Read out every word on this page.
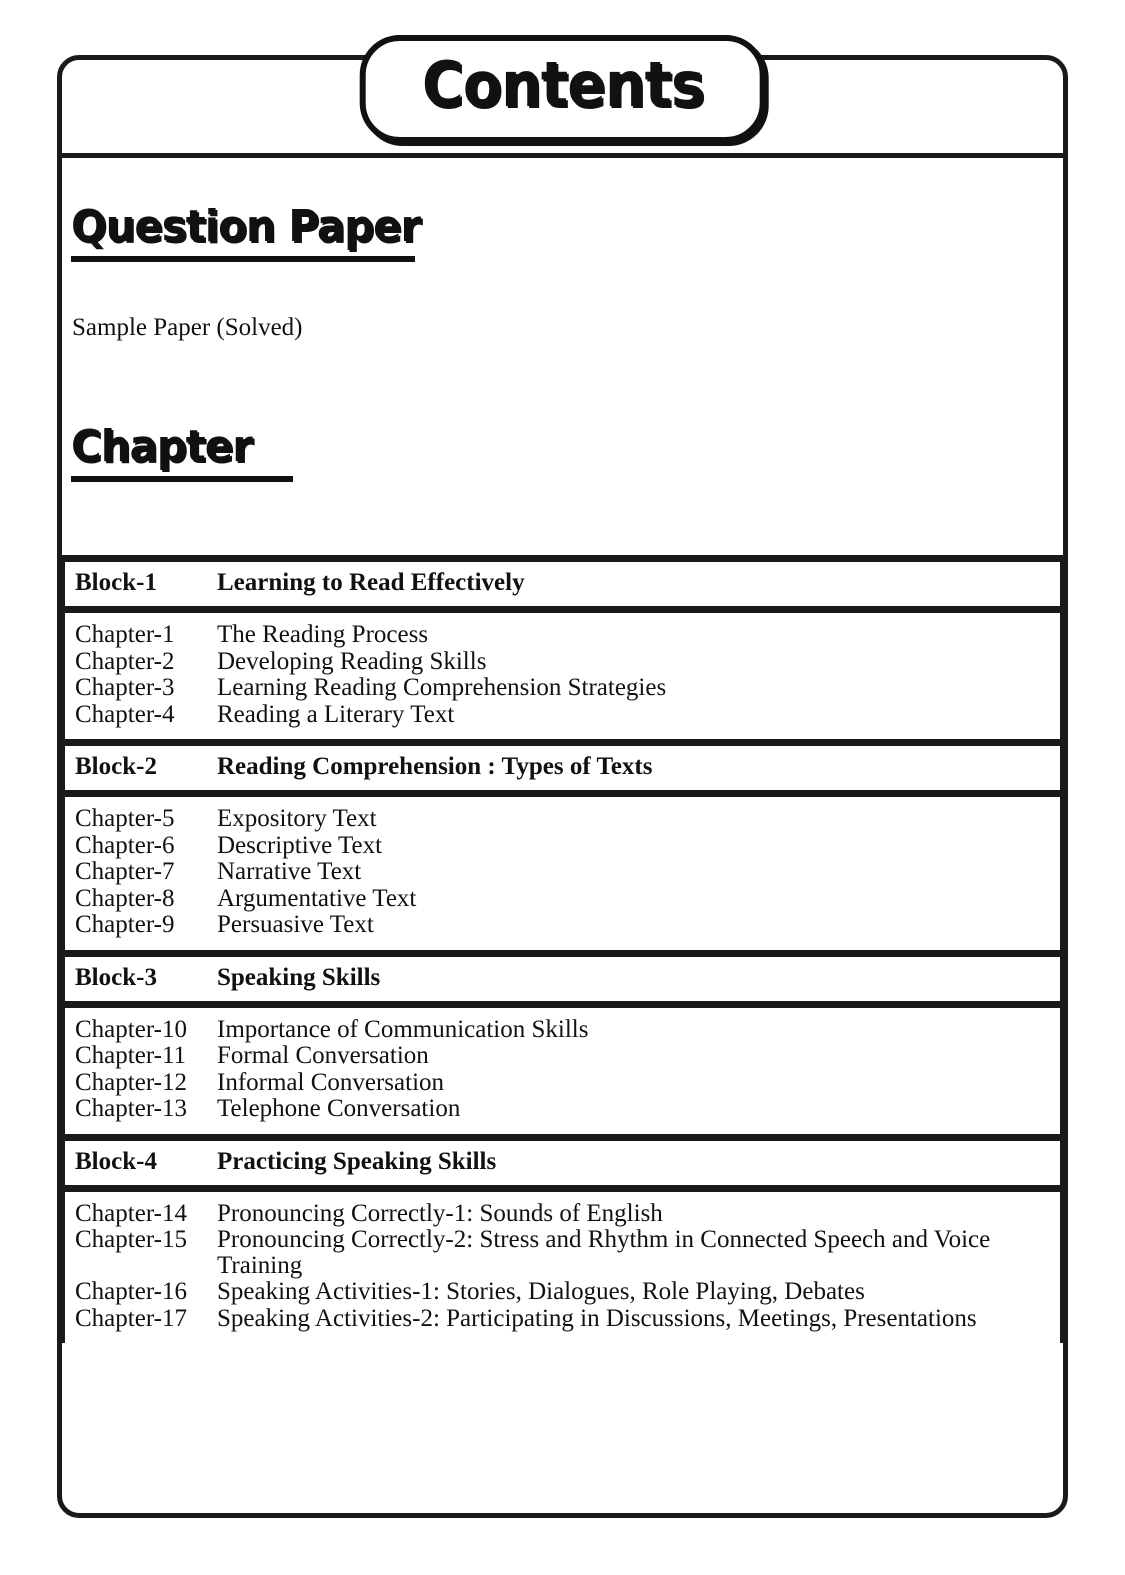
Contents
Question Paper
Sample Paper (Solved)
Chapter
Block-1	Learning to Read Effectively
Chapter-1	The Reading Process
Chapter-2	Developing Reading Skills
Chapter-3	Learning Reading Comprehension Strategies
Chapter-4	Reading a Literary Text
Block-2	Reading Comprehension : Types of Texts
Chapter-5	Expository Text
Chapter-6	Descriptive Text
Chapter-7	Narrative Text
Chapter-8	Argumentative Text
Chapter-9	Persuasive Text
Block-3	Speaking Skills
Chapter-10	Importance of Communication Skills
Chapter-11	Formal Conversation
Chapter-12	Informal Conversation
Chapter-13	Telephone Conversation
Block-4	Practicing Speaking Skills
Chapter-14	Pronouncing Correctly-1: Sounds of English
Chapter-15	Pronouncing Correctly-2: Stress and Rhythm in Connected Speech and Voice Training
Chapter-16	Speaking Activities-1: Stories, Dialogues, Role Playing, Debates
Chapter-17	Speaking Activities-2: Participating in Discussions, Meetings, Presentations
